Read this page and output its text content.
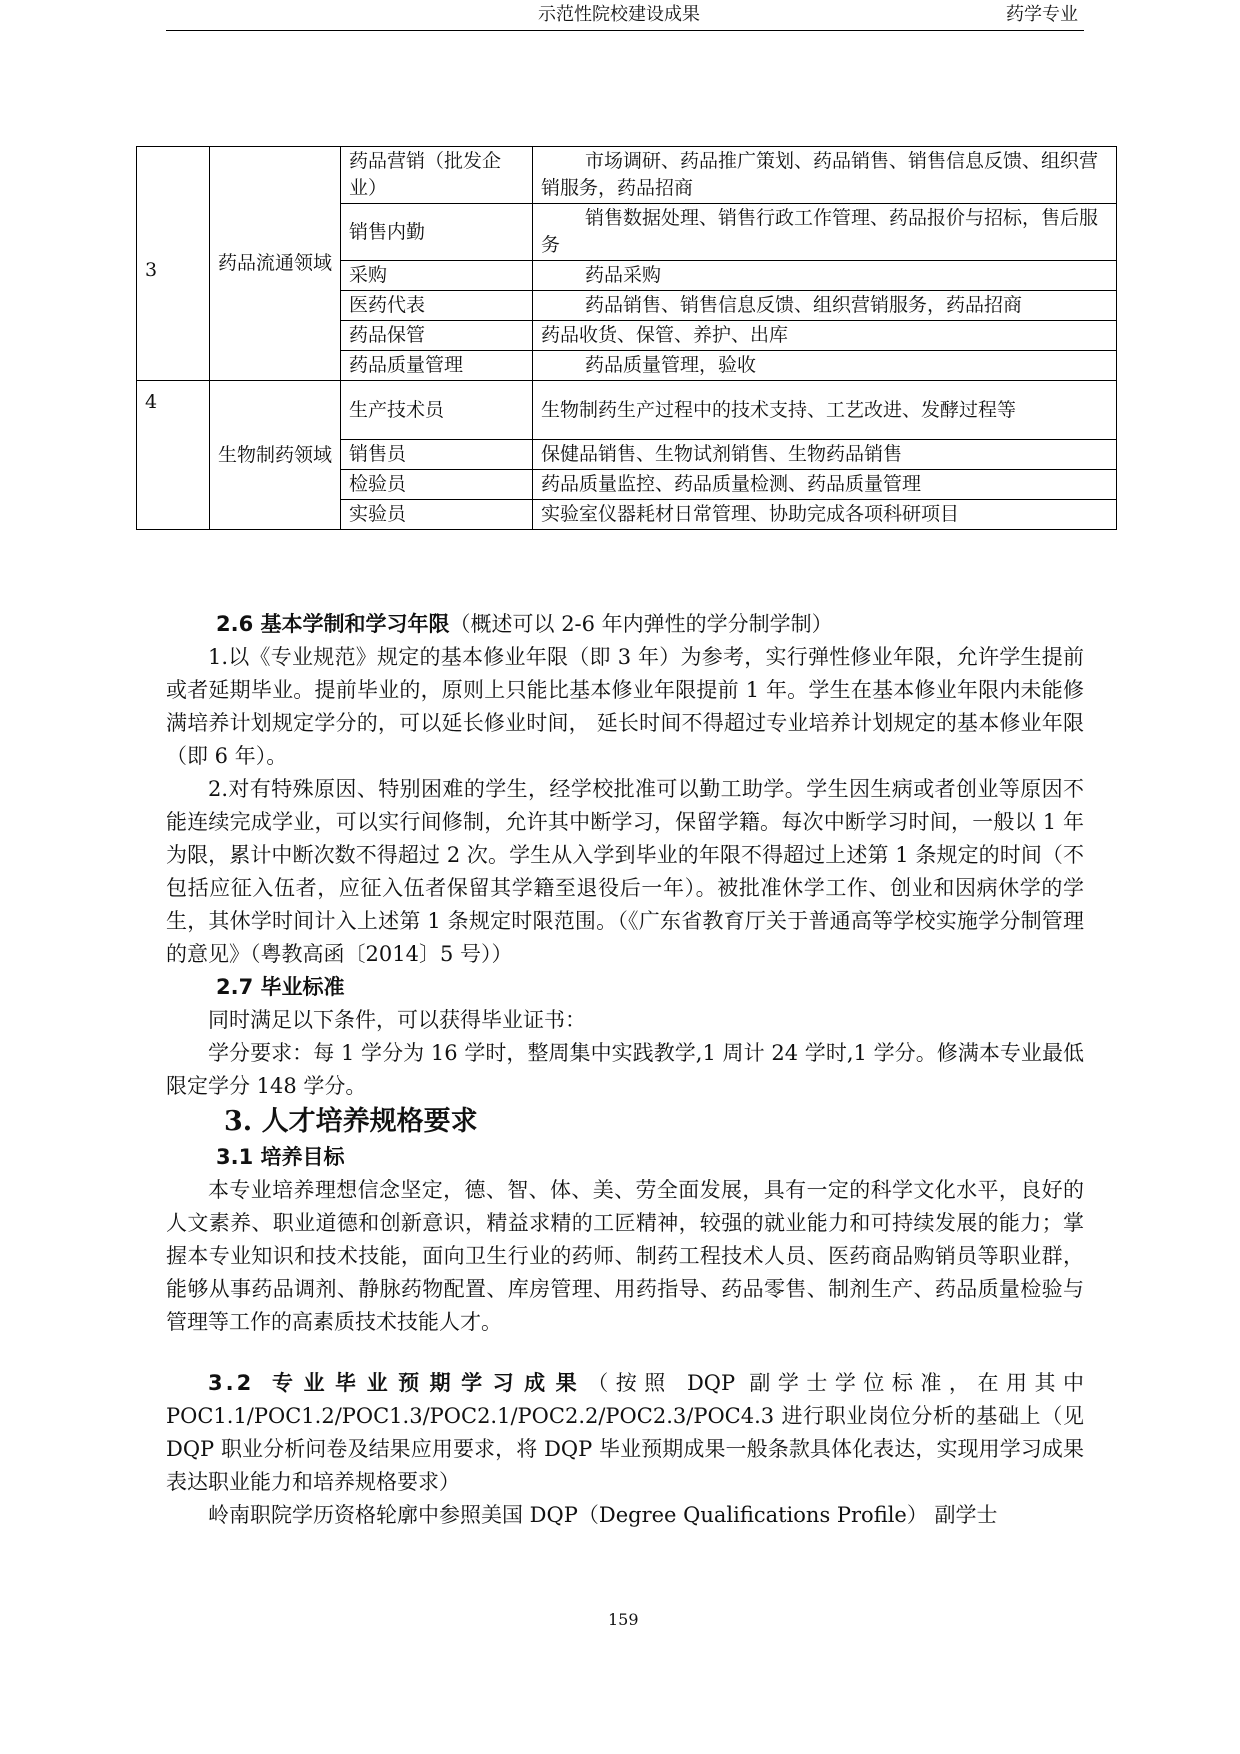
示范性院校建设成果	药学专业
3	药品流通领域	药品营销（批发企业）	市场调研、药品推广策划、药品销售、销售信息反馈、组织营销服务，药品招商
		销售内勤	销售数据处理、销售行政工作管理、药品报价与招标，售后服务
		采购	药品采购
		医药代表	药品销售、销售信息反馈、组织营销服务，药品招商
		药品保管	药品收货、保管、养护、出库
		药品质量管理	药品质量管理，验收
4	生物制药领域	生产技术员	生物制药生产过程中的技术支持、工艺改进、发酵过程等
		销售员	保健品销售、生物试剂销售、生物药品销售
		检验员	药品质量监控、药品质量检测、药品质量管理
		实验员	实验室仪器耗材日常管理、协助完成各项科研项目

2.6 基本学制和学习年限（概述可以 2-6 年内弹性的学分制学制）

1.以《专业规范》规定的基本修业年限（即 3 年）为参考，实行弹性修业年限，允许学生提前或者延期毕业。提前毕业的，原则上只能比基本修业年限提前 1 年。学生在基本修业年限内未能修满培养计划规定学分的，可以延长修业时间， 延长时间不得超过专业培养计划规定的基本修业年限（即 6 年）。

2.对有特殊原因、特别困难的学生，经学校批准可以勤工助学。学生因生病或者创业等原因不能连续完成学业，可以实行间修制，允许其中断学习，保留学籍。每次中断学习时间，一般以 1 年为限，累计中断次数不得超过 2 次。学生从入学到毕业的年限不得超过上述第 1 条规定的时间（不包括应征入伍者，应征入伍者保留其学籍至退役后一年）。被批准休学工作、创业和因病休学的学生，其休学时间计入上述第 1 条规定时限范围。（《广东省教育厅关于普通高等学校实施学分制管理的意见》（粤教高函〔2014〕5 号））

2.7 毕业标准

同时满足以下条件，可以获得毕业证书：

学分要求：每 1 学分为 16 学时，整周集中实践教学,1 周计 24 学时,1 学分。修满本专业最低限定学分 148 学分。

3. 人才培养规格要求

3.1 培养目标

本专业培养理想信念坚定，德、智、体、美、劳全面发展，具有一定的科学文化水平，良好的人文素养、职业道德和创新意识，精益求精的工匠精神，较强的就业能力和可持续发展的能力；掌握本专业知识和技术技能，面向卫生行业的药师、制药工程技术人员、医药商品购销员等职业群，能够从事药品调剂、静脉药物配置、库房管理、用药指导、药品零售、制剂生产、药品质量检验与管理等工作的高素质技术技能人才。

3.2 专业毕业预期学习成果（按照 DQP 副学士学位标准，在用其中 POC1.1/POC1.2/POC1.3/POC2.1/POC2.2/POC2.3/POC4.3 进行职业岗位分析的基础上（见 DQP 职业分析问卷及结果应用要求，将 DQP 毕业预期成果一般条款具体化表达，实现用学习成果表达职业能力和培养规格要求）

岭南职院学历资格轮廓中参照美国 DQP（Degree Qualifications Profile） 副学士

159
